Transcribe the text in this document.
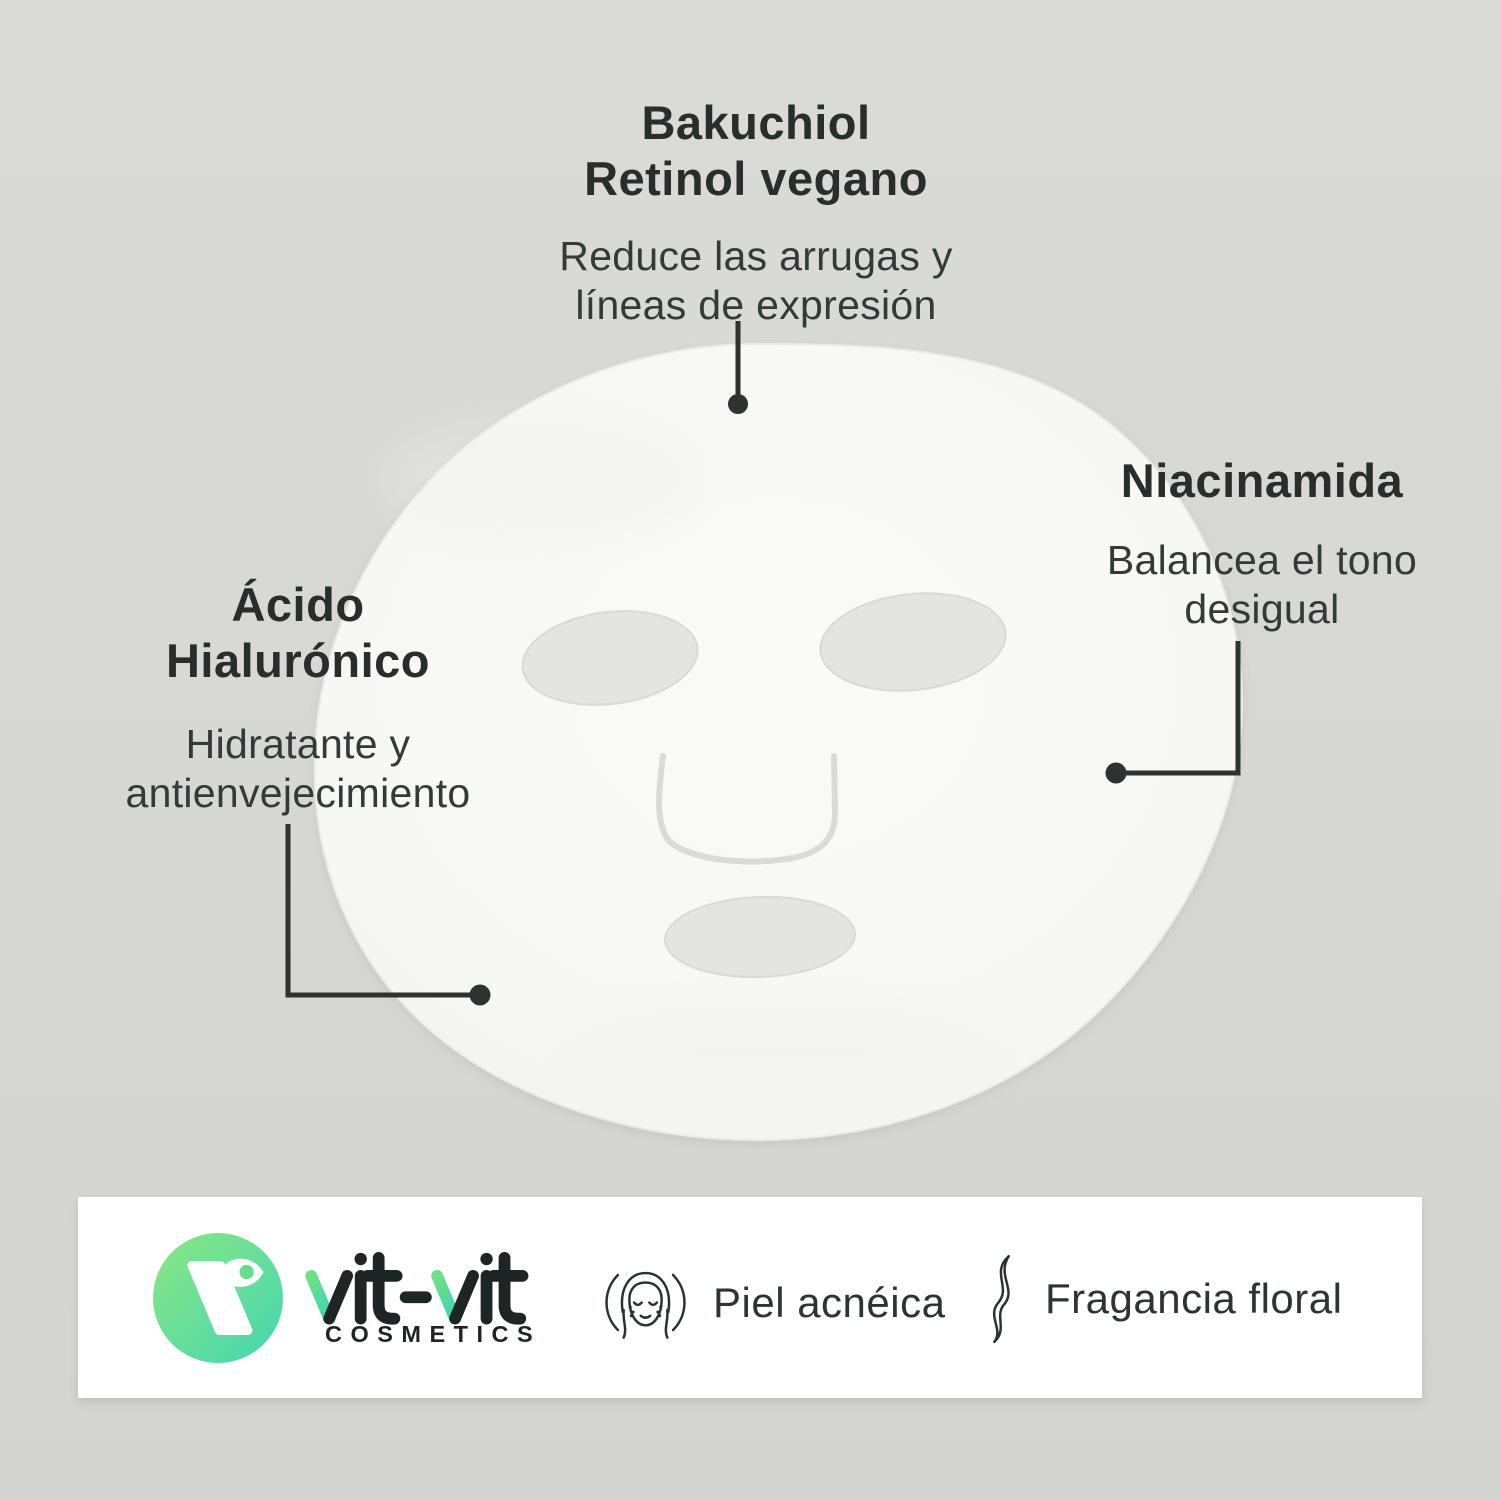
Bakuchiol
Retinol vegano
Reduce las arrugas y
líneas de expresión
Niacinamida
Balancea el tono
desigual
Ácido
Hialurónico
Hidratante y
antienvejecimiento
COSMETICS
Piel acnéica Fragancia floral
